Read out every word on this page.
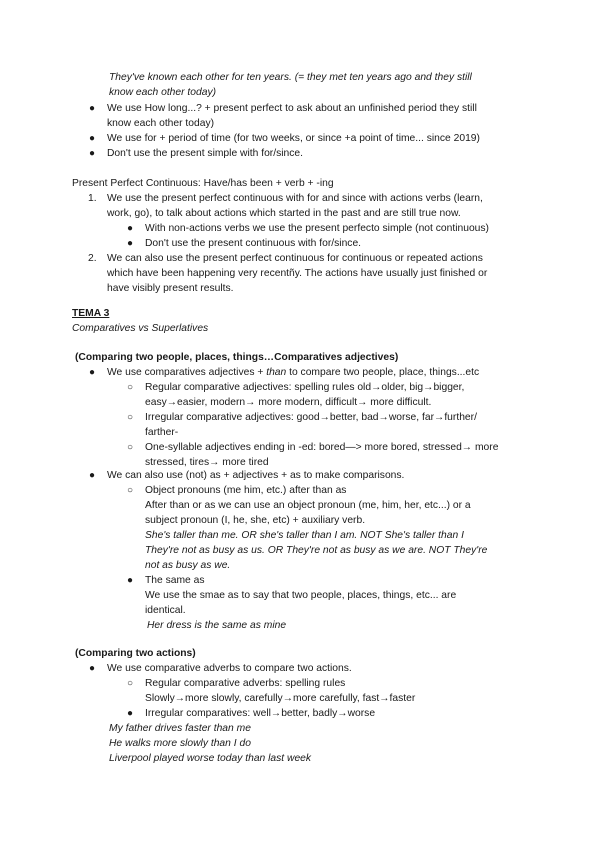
They've known each other for ten years. (= they met ten years ago and they still
know each other today)
● We use How long...? + present perfect to ask about an unfinished period they still
know each other today)
● We use for + period of time (for two weeks, or since +a point of time... since 2019)
● Don't use the present simple with for/since.
Present Perfect Continuous: Have/has been + verb + -ing
1. We use the present perfect continuous with for and since with actions verbs (learn,
work, go), to talk about actions which started in the past and are still true now.
● With non-actions verbs we use the present perfecto simple (not continuous)
● Don't use the present continuous with for/since.
2. We can also use the present perfect continuous for continuous or repeated actions
which have been happening very recentñy. The actions have usually just finished or
have visibly present results.
TEMA 3
Comparatives vs Superlatives
(Comparing two people, places, things…Comparatives adjectives)
● We use comparatives adjectives + than to compare two people, place, things...etc
○ Regular comparative adjectives: spelling rules old→older, big→bigger,
easy→easier, modern→ more modern, difficult→ more difficult.
○ Irregular comparative adjectives: good→better, bad→worse, far→further/
farther-
○ One-syllable adjectives ending in -ed: bored—> more bored, stressed→ more
stressed, tires→ more tired
● We can also use (not) as + adjectives + as to make comparisons.
○ Object pronouns (me him, etc.) after than as
After than or as we can use an object pronoun (me, him, her, etc...) or a
subject pronoun (I, he, she, etc) + auxiliary verb.
She's taller than me. OR she's taller than I am. NOT She's taller than I
They're not as busy as us. OR They're not as busy as we are. NOT They're
not as busy as we.
● The same as
We use the smae as to say that two people, places, things, etc... are
identical.
Her dress is the same as mine
(Comparing two actions)
● We use comparative adverbs to compare two actions.
○ Regular comparative adverbs: spelling rules
Slowly→more slowly, carefully→more carefully, fast→faster
● Irregular comparatives: well→better, badly→worse
My father drives faster than me
He walks more slowly than I do
Liverpool played worse today than last week
